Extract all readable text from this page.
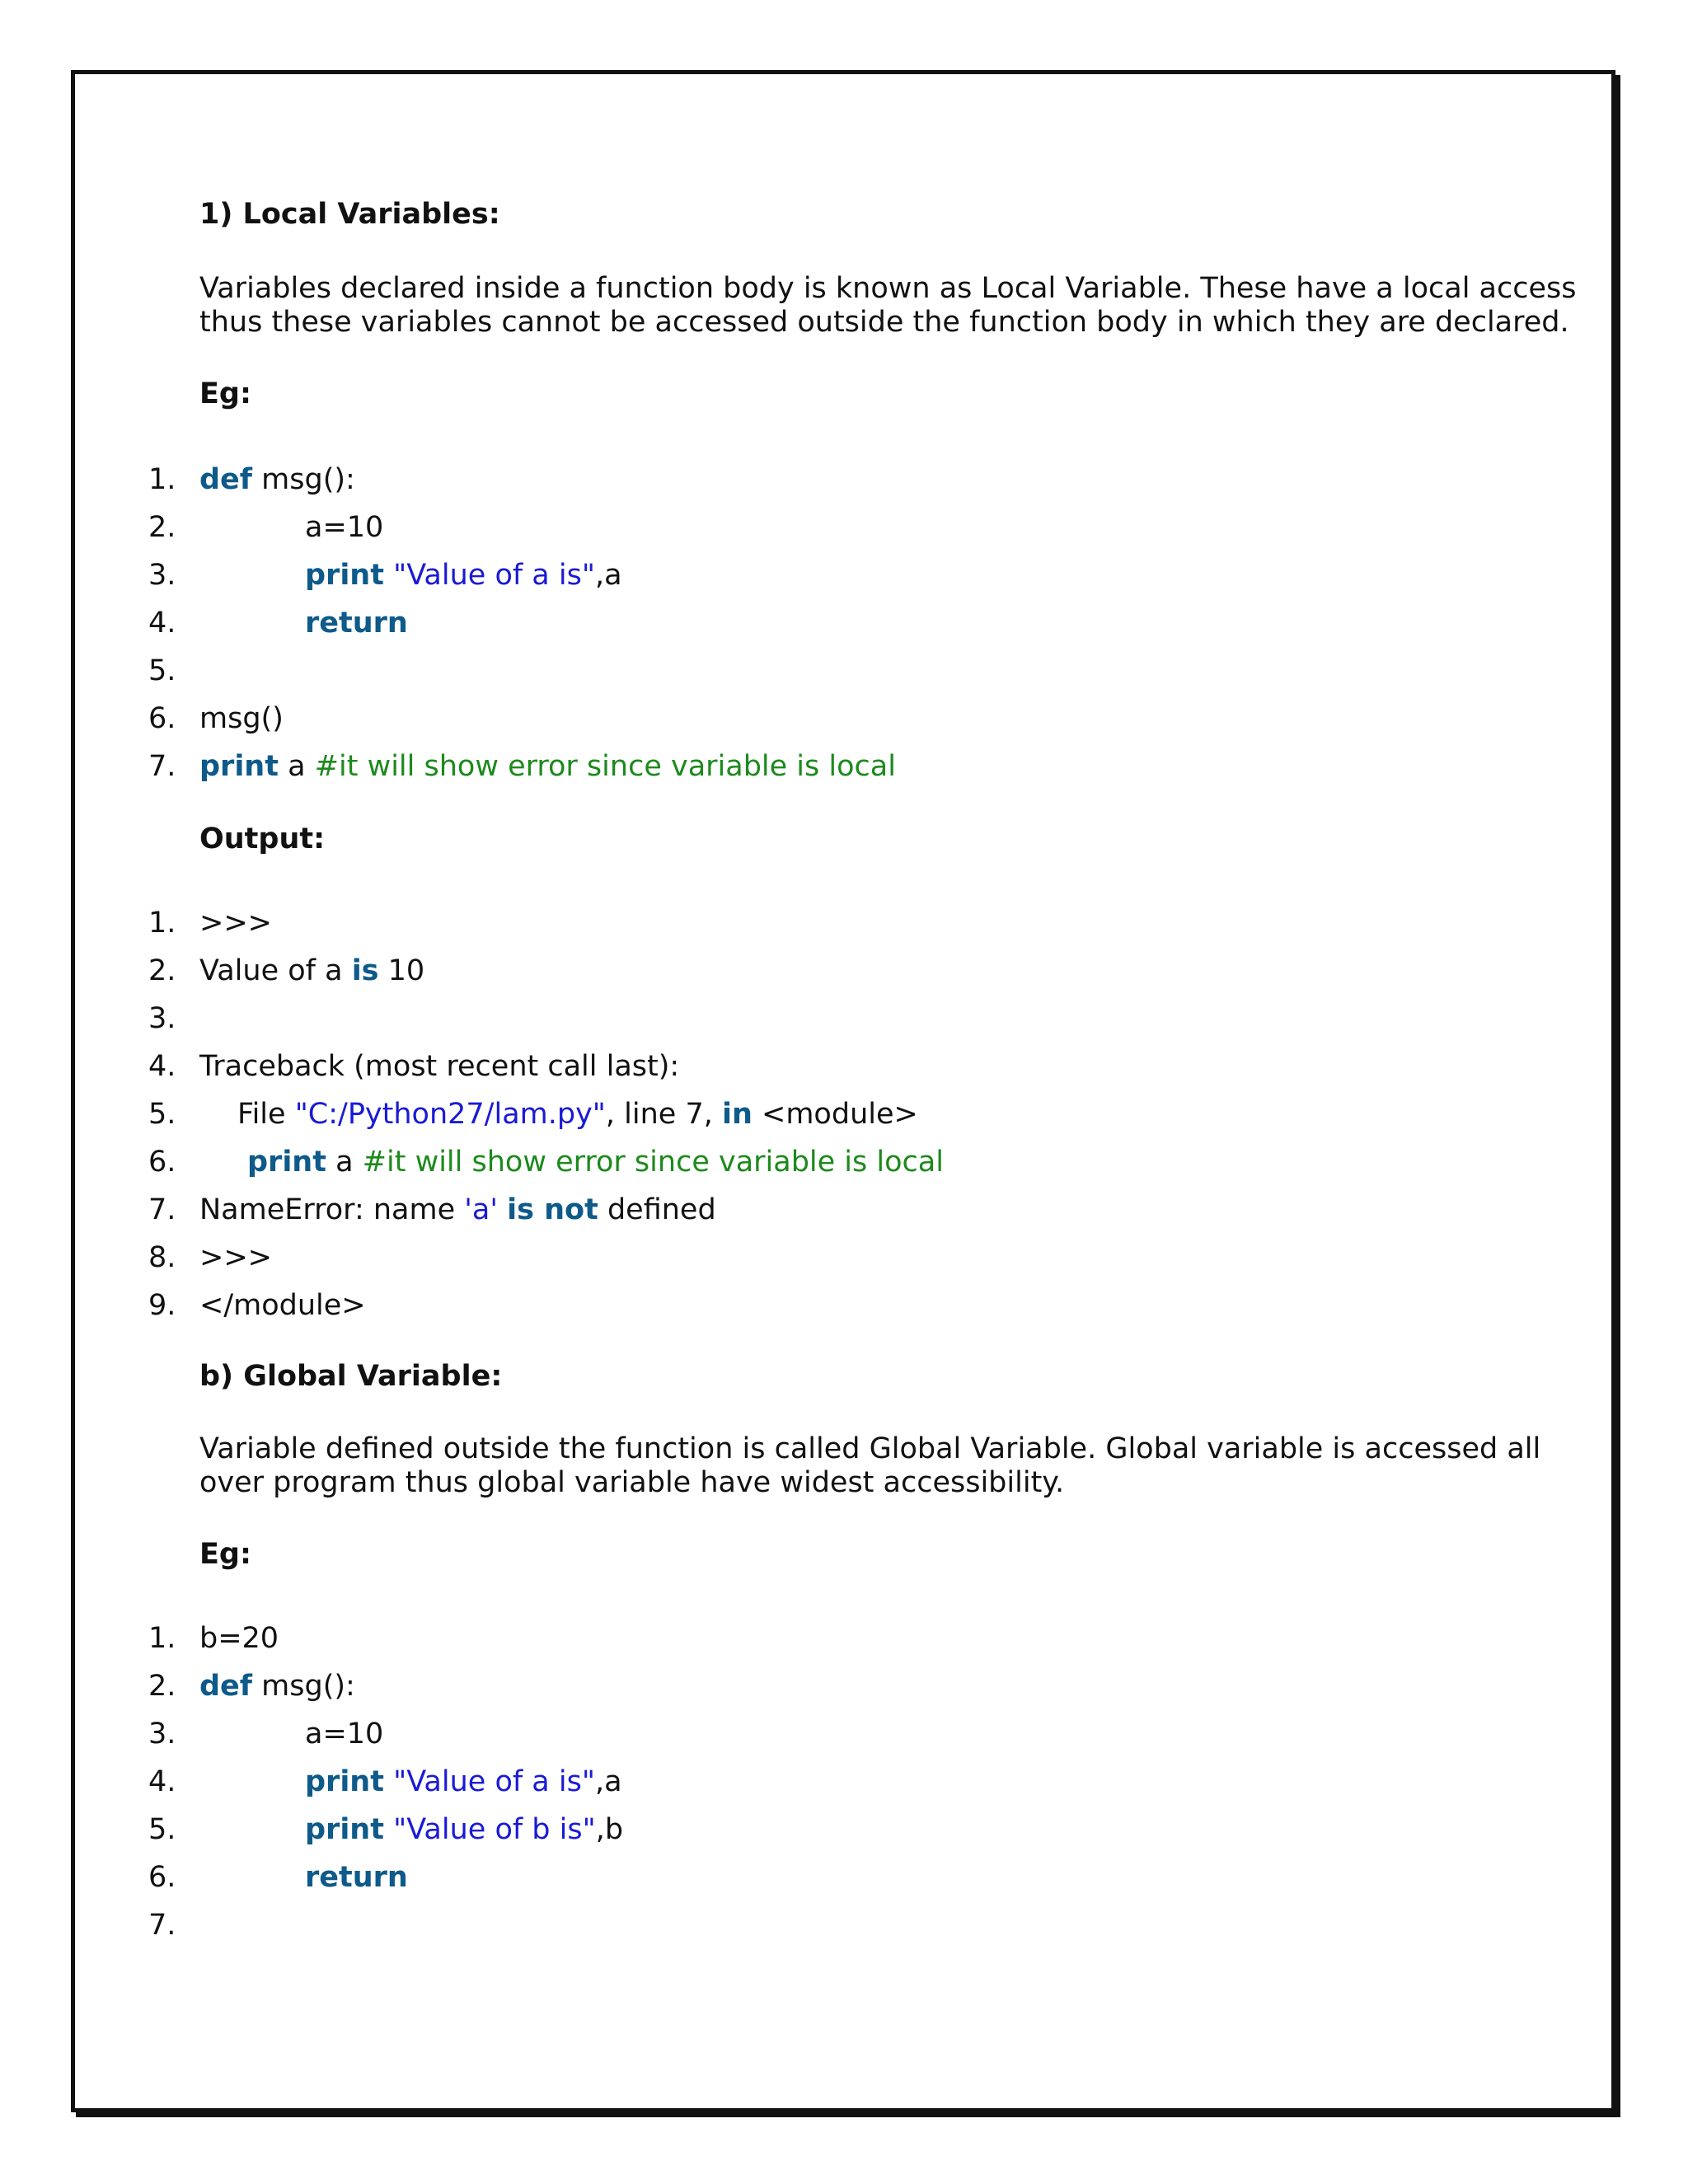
1) Local Variables:
Variables declared inside a function body is known as Local Variable. These have a local access
thus these variables cannot be accessed outside the function body in which they are declared.
Eg:
1. def msg():
2.	a=10
3.	print "Value of a is",a
4.	return
5.
6. msg()
7. print a #it will show error since variable is local
Output:
1. >>>
2. Value of a is 10
3.
4. Traceback (most recent call last):
5. File "C:/Python27/lam.py", line 7, in <module>
6. print a #it will show error since variable is local
7. NameError: name 'a' is not defined
8. >>>
9. </module>
b) Global Variable:
Variable defined outside the function is called Global Variable. Global variable is accessed all
over program thus global variable have widest accessibility.
Eg:
1. b=20
2. def msg():
3.	a=10
4.	print "Value of a is",a
5.	print "Value of b is",b
6.	return
7.
